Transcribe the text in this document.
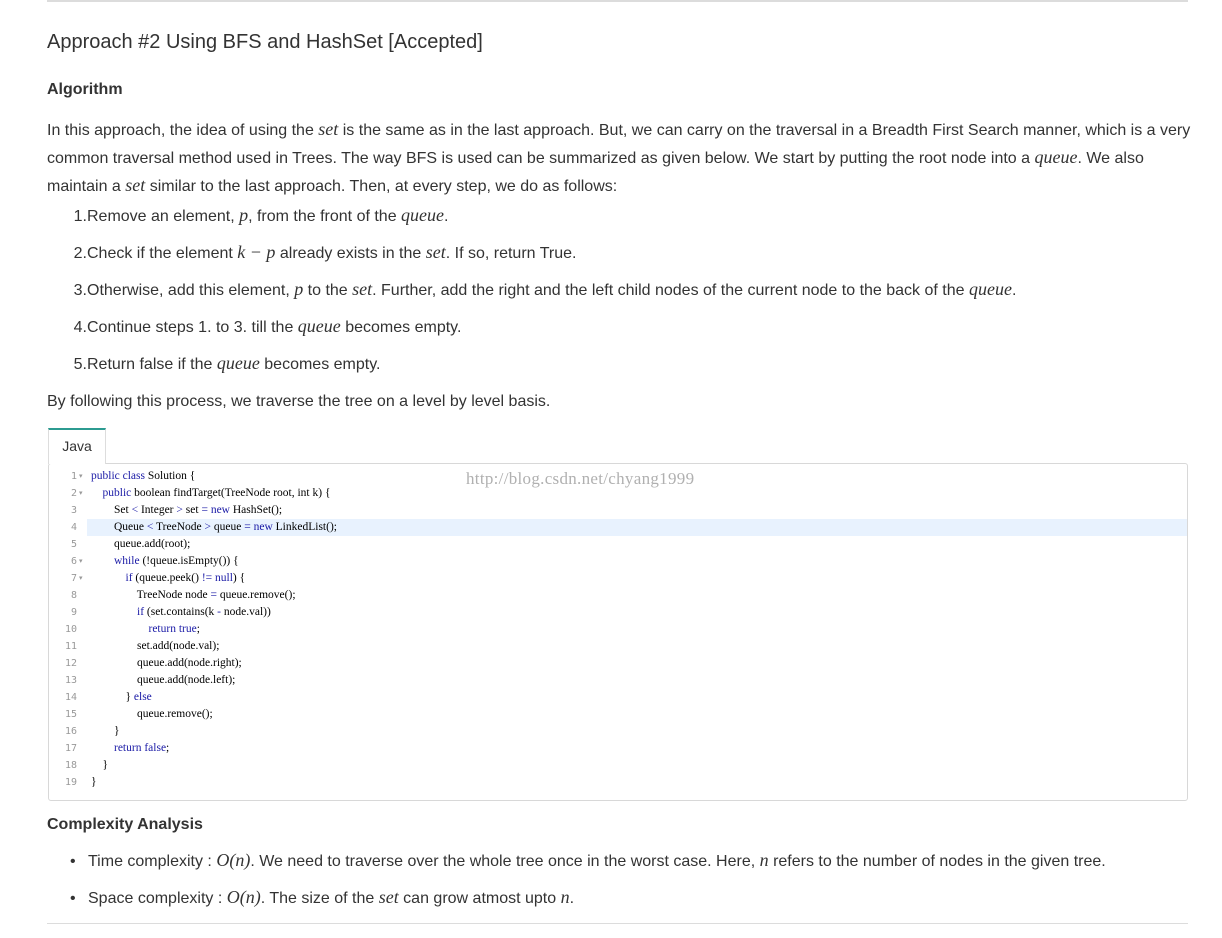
Approach #2 Using BFS and HashSet [Accepted]
Algorithm
In this approach, the idea of using the set is the same as in the last approach. But, we can carry on the traversal in a Breadth First Search manner, which is a very common traversal method used in Trees. The way BFS is used can be summarized as given below. We start by putting the root node into a queue. We also maintain a set similar to the last approach. Then, at every step, we do as follows:
1.Remove an element, p, from the front of the queue.
2.Check if the element k − p already exists in the set. If so, return True.
3.Otherwise, add this element, p to the set. Further, add the right and the left child nodes of the current node to the back of the queue.
4.Continue steps 1. to 3. till the queue becomes empty.
5.Return false if the queue becomes empty.
By following this process, we traverse the tree on a level by level basis.
Java
1 ▾
2 ▾
3
4
5
6 ▾
7 ▾
8
9
10
11
12
13
14
15
16
17
18
19
public class Solution {
public boolean findTarget(TreeNode root, int k) {
Set < Integer > set = new HashSet();
Queue < TreeNode > queue = new LinkedList();
queue.add(root);
while (!queue.isEmpty()) {
if (queue.peek() != null) {
TreeNode node = queue.remove();
if (set.contains(k - node.val))
return true;
set.add(node.val);
queue.add(node.right);
queue.add(node.left);
} else
queue.remove();
}
return false;
}
}
http://blog.csdn.net/chyang1999
Complexity Analysis
• Time complexity : O(n). We need to traverse over the whole tree once in the worst case. Here, n refers to the number of nodes in the given tree.
• Space complexity : O(n). The size of the set can grow atmost upto n.
